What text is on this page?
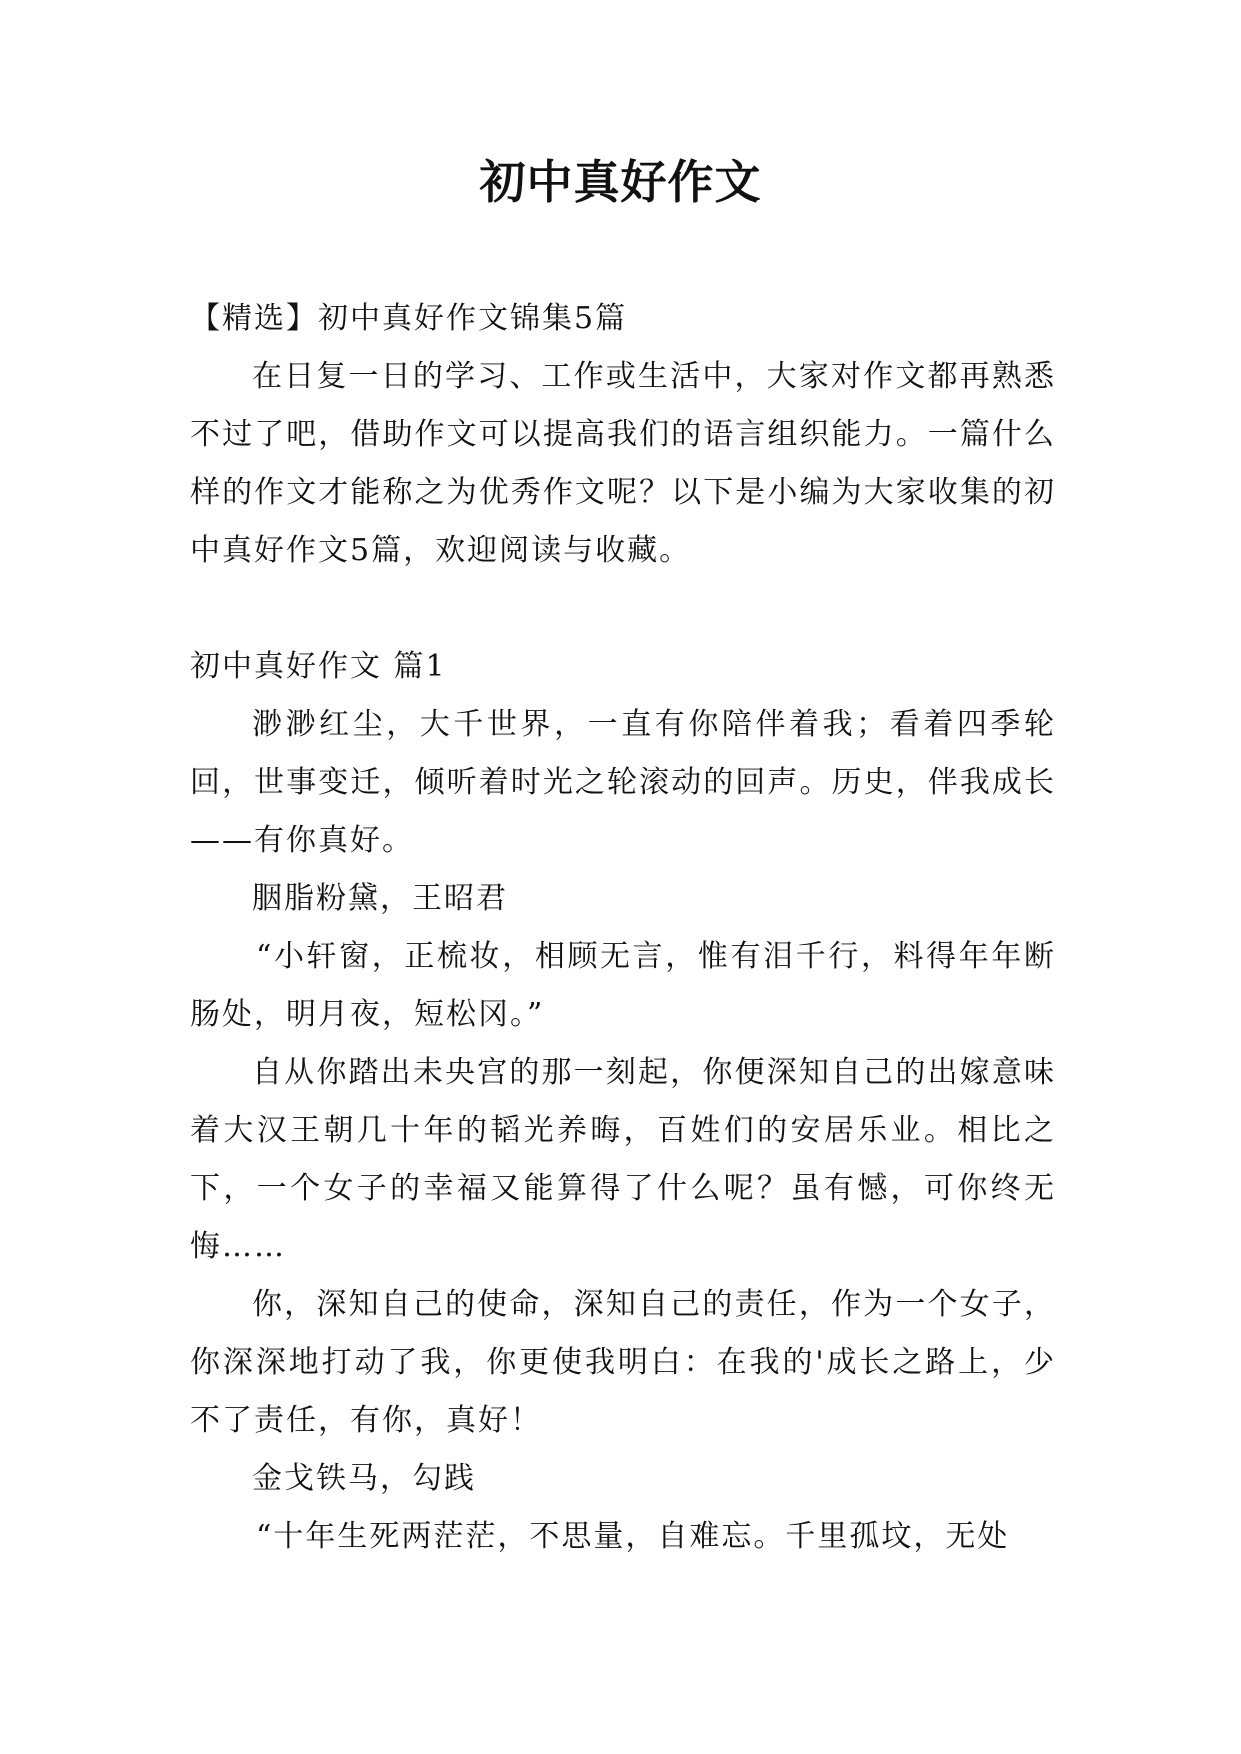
初中真好作文

【精选】初中真好作文锦集5篇

在日复一日的学习、工作或生活中，大家对作文都再熟悉不过了吧，借助作文可以提高我们的语言组织能力。一篇什么样的作文才能称之为优秀作文呢？以下是小编为大家收集的初中真好作文5篇，欢迎阅读与收藏。

初中真好作文 篇1

渺渺红尘，大千世界，一直有你陪伴着我；看着四季轮回，世事变迁，倾听着时光之轮滚动的回声。历史，伴我成长——有你真好。

胭脂粉黛，王昭君

“小轩窗，正梳妆，相顾无言，惟有泪千行，料得年年断肠处，明月夜，短松冈。”

自从你踏出未央宫的那一刻起，你便深知自己的出嫁意味着大汉王朝几十年的韬光养晦，百姓们的安居乐业。相比之下，一个女子的幸福又能算得了什么呢？虽有憾，可你终无悔……

你，深知自己的使命，深知自己的责任，作为一个女子，你深深地打动了我，你更使我明白：在我的'成长之路上，少不了责任，有你，真好！

金戈铁马，勾践

“十年生死两茫茫，不思量，自难忘。千里孤坟，无处
